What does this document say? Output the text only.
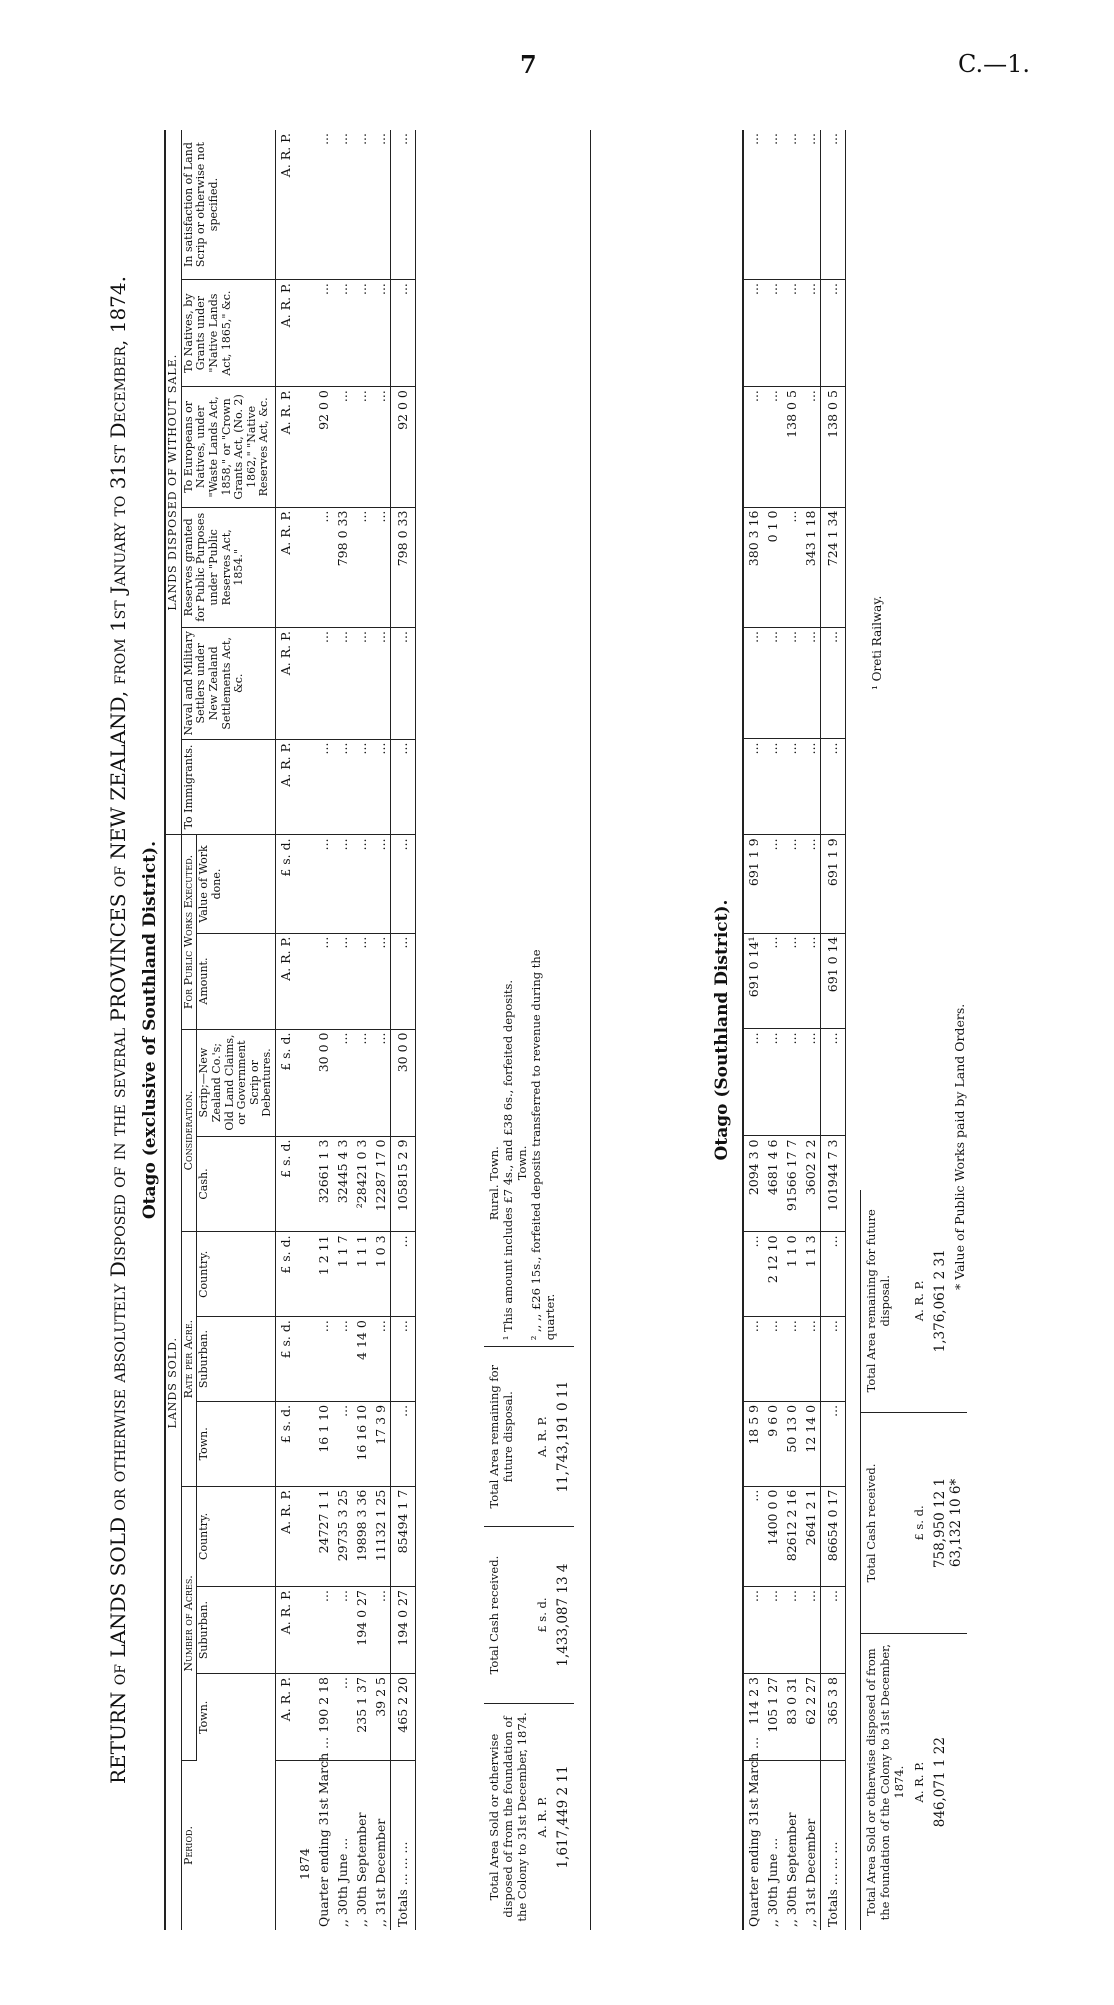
7	C.—1.
RETURN of LANDS SOLD or otherwise absolutely Disposed of in the several PROVINCES of NEW ZEALAND, from 1st January to 31st December, 1874. Otago (exclusive of Southland District).
LANDS SOLD.											LANDS DISPOSED OF WITHOUT SALE.					
Period.	Number of Acres.			Rate per Acre.			Consideration.		For Public Works Executed.		To Immigrants.	Naval and Military Settlers under New Zealand Settlements Act, &c.	Reserves granted for Public Purposes under "Public Reserves Act, 1854."	To Europeans or Natives, under "Waste Lands Act, 1858," or "Crown Grants Act, (No. 2) 1862," "Native Reserves Act, &c.	To Natives, by Grants under "Native Lands Act, 1865," &c.	In satisfaction of Land Scrip or otherwise not specified.
	Town.	Suburban.	Country.	Town.	Suburban.	Country.	Cash.	Scrip;—New Zealand Co.'s; Old Land Claims, or Government Scrip or Debentures.	Amount.	Value of Work done.						
	A. R. P.	A. R. P.	A. R. P.	£ s. d.	£ s. d.	£ s. d.	£ s. d.	£ s. d.	A. R. P.	£ s. d.	A. R. P.	A. R. P.	A. R. P.	A. R. P.	A. R. P.	A. R. P.
1874																
Quarter ending 31st March ...	190 2 18	...	24727 1 1	16 1 10	...	1 2 11	32661 1 3	30 0 0	...	...	...	...	...	92 0 0	...	...
,, 30th June ...	...	...	29735 3 25	...	...	1 1 7	32445 4 3	...	...	...	...	...	798 0 33	...	...	...
,, 30th September	235 1 37	194 0 27	19898 3 36	16 16 10	4 14 0	1 1 1	²28421 0 3	...	...	...	...	...	...	...	...	...
,, 31st December	39 2 5	...	11132 1 25	17 3 9	...	1 0 3	12287 17 0	...	...	...	...	...	...	...	...	...
Totals ... ... ...	465 2 20	194 0 27	85494 1 7	...	...	...	105815 2 9	30 0 0	...	...	...	...	798 0 33	92 0 0	...	...
Total Area Sold or otherwise disposed of from the foundation of the Colony to 31st December, 1874.	Total Cash received.	Total Area remaining for future disposal.	Rural. Town. ¹ This amount includes £7 4s., and £38 6s., forfeited deposits. Town. ² ,, ,, £26 15s., forfeited deposits transferred to revenue during the quarter.

A. R. P.	£ s. d.	A. R. P.	
1,617,449 2 11	1,433,087 13 4	11,743,191 0 11	
Otago (Southland District).
Quarter ending 31st March ...	114 2 3	...	...	18 5 9	...	...	2094 3 0	...	691 0 14¹	691 1 9	...	...	380 3 16	...	...	...
,, 30th June ...	105 1 27	...	1400 0 0	9 6 0	...	2 12 10	4681 4 6	...	...	...	...	...	0 1 0	...	...	...
,, 30th September	83 0 31	...	82612 2 16	50 13 0	...	1 1 0	91566 17 7	...	...	...	...	...	...	138 0 5	...	...
,, 31st December	62 2 27	...	2641 2 1	12 14 0	...	1 1 3	3602 2 2	...	...	...	...	...	343 1 18	...	...	...
Totals ... ... ...	365 3 8	...	86654 0 17	...	...	...	101944 7 3	...	691 0 14	691 1 9	...	...	724 1 34	138 0 5	...	...
Total Area Sold or otherwise disposed of from the foundation of the Colony to 31st December, 1874.	Total Cash received.	Total Area remaining for future disposal.
A. R. P.	£ s. d.	A. R. P.
846,071 1 22	758,950 12 1 63,132 10 6*	1,376,061 2 31
¹ Oreti Railway.
* Value of Public Works paid by Land Orders.
